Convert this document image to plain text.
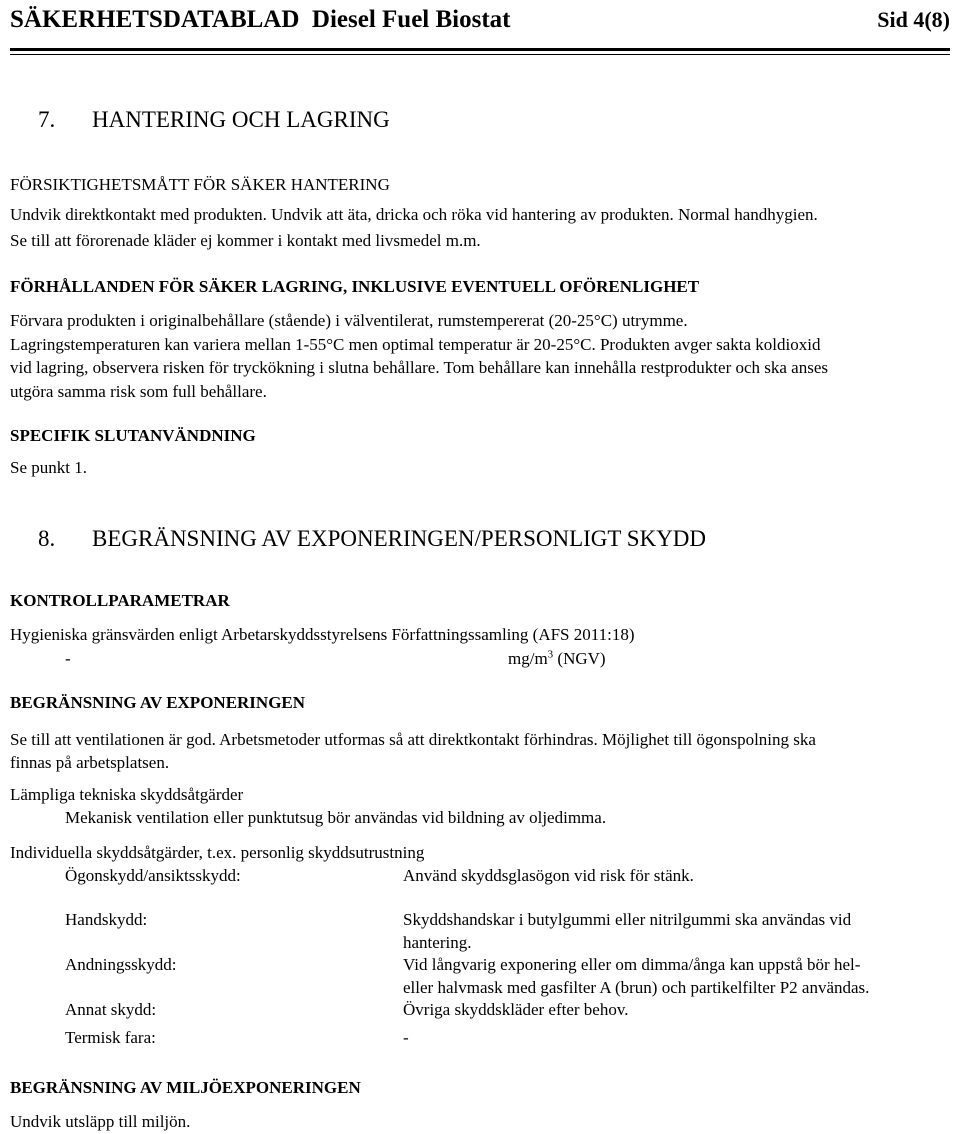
SÄKERHETSDATABLAD Diesel Fuel Biostat	Sid 4(8)
7. HANTERING OCH LAGRING
FÖRSIKTIGHETSMÅTT FÖR SÄKER HANTERING
Undvik direktkontakt med produkten. Undvik att äta, dricka och röka vid hantering av produkten. Normal handhygien.
Se till att förorenade kläder ej kommer i kontakt med livsmedel m.m.
FÖRHÅLLANDEN FÖR SÄKER LAGRING, INKLUSIVE EVENTUELL OFÖRENLIGHET
Förvara produkten i originalbehållare (stående) i välventilerat, rumstempererat (20-25°C) utrymme.
Lagringstemperaturen kan variera mellan 1-55°C men optimal temperatur är 20-25°C. Produkten avger sakta koldioxid
vid lagring, observera risken för tryckökning i slutna behållare. Tom behållare kan innehålla restprodukter och ska anses
utgöra samma risk som full behållare.
SPECIFIK SLUTANVÄNDNING
Se punkt 1.
8. BEGRÄNSNING AV EXPONERINGEN/PERSONLIGT SKYDD
KONTROLLPARAMETRAR
Hygieniska gränsvärden enligt Arbetarskyddsstyrelsens Författningssamling (AFS 2011:18)
-	$mg/m^3$ (NGV)
BEGRÄNSNING AV EXPONERINGEN
Se till att ventilationen är god. Arbetsmetoder utformas så att direktkontakt förhindras. Möjlighet till ögonspolning ska
finnas på arbetsplatsen.
Lämpliga tekniska skyddsåtgärder
Mekanisk ventilation eller punktutsug bör användas vid bildning av oljedimma.
Individuella skyddsåtgärder, t.ex. personlig skyddsutrustning
Ögonskydd/ansiktsskydd:	Använd skyddsglasögon vid risk för stänk.
Handskydd:	Skyddshandskar i butylgummi eller nitrilgummi ska användas vid
hantering.
Andningsskydd:	Vid långvarig exponering eller om dimma/ånga kan uppstå bör hel-
eller halvmask med gasfilter A (brun) och partikelfilter P2 användas.
Annat skydd:	Övriga skyddskläder efter behov.
Termisk fara:	-
BEGRÄNSNING AV MILJÖEXPONERINGEN
Undvik utsläpp till miljön.
